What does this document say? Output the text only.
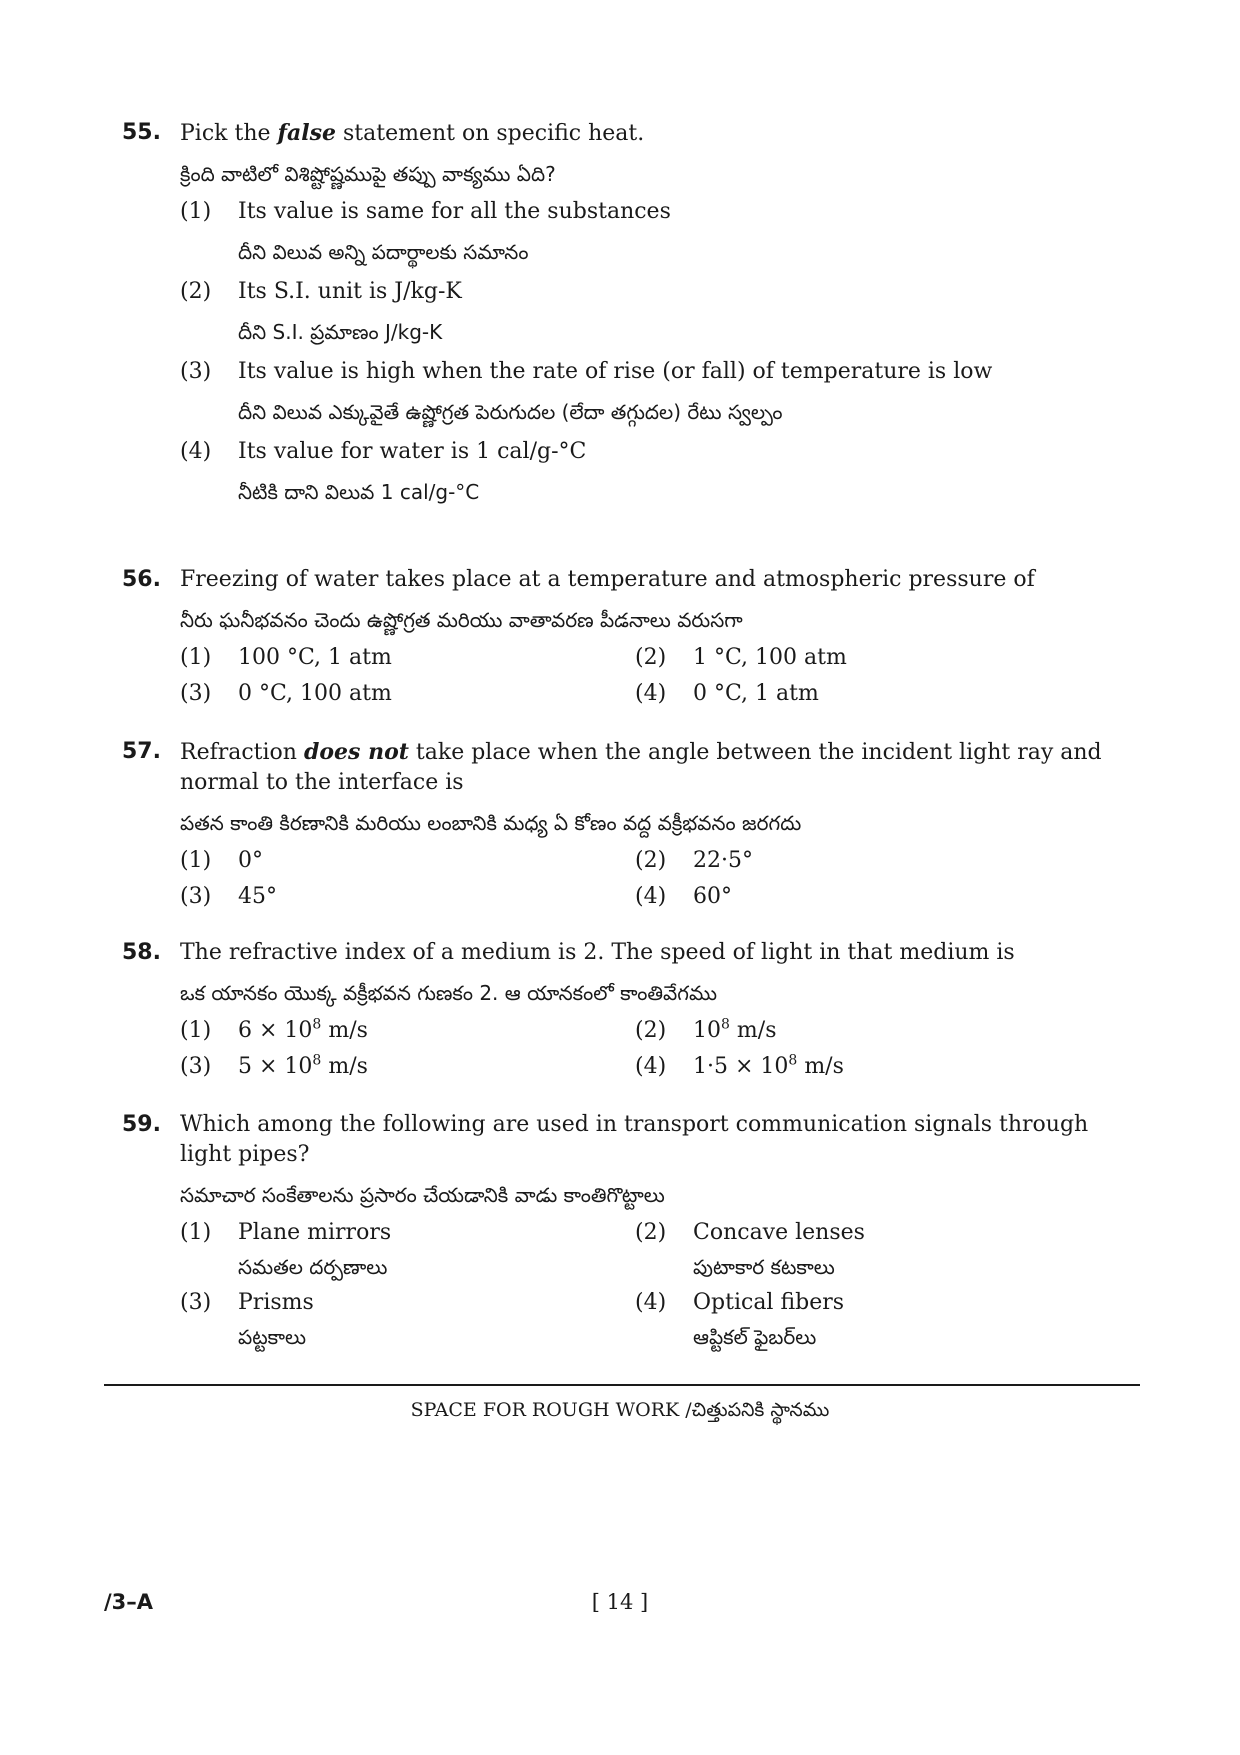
55. Pick the false statement on specific heat.
క్రింది వాటిలో విశిష్టోష్ణముపై తప్పు వాక్యము ఏది?
(1)	Its value is same for all the substances
దీని విలువ అన్ని పదార్థాలకు సమానం
(2)	Its S.I. unit is J/kg-K
దీని S.I. ప్రమాణం J/kg-K
(3)	Its value is high when the rate of rise (or fall) of temperature is low
దీని విలువ ఎక్కువైతే ఉష్ణోగ్రత పెరుగుదల (లేదా తగ్గుదల) రేటు స్వల్పం
(4)	Its value for water is 1 cal/g-°C
నీటికి దాని విలువ 1 cal/g-°C
56. Freezing of water takes place at a temperature and atmospheric pressure of
నీరు ఘనీభవనం చెందు ఉష్ణోగ్రత మరియు వాతావరణ పీడనాలు వరుసగా
(1)	100 °C, 1 atm	(2)	1 °C, 100 atm
(3)	0 °C, 100 atm	(4)	0 °C, 1 atm
57. Refraction does not take place when the angle between the incident light ray and normal to the interface is
పతన కాంతి కిరణానికి మరియు లంబానికి మధ్య ఏ కోణం వద్ద వక్రీభవనం జరగదు
(1)	0°	(2)	22·5°
(3)	45°	(4)	60°
58. The refractive index of a medium is 2. The speed of light in that medium is
ఒక యానకం యొక్క వక్రీభవన గుణకం 2. ఆ యానకంలో కాంతివేగము
(1)	$6 \times 10^8$ m/s	(2)	$10^8$ m/s
(3)	$5 \times 10^8$ m/s	(4)	$1\cdot 5 \times 10^8$ m/s
59. Which among the following are used in transport communication signals through light pipes?
సమాచార సంకేతాలను ప్రసారం చేయడానికి వాడు కాంతిగొట్టాలు
(1)	Plane mirrors
సమతల దర్పణాలు
(2)	Concave lenses
పుటాకార కటకాలు
(3)	Prisms
పట్టకాలు
(4)	Optical fibers
ఆప్టికల్ ఫైబర్‌లు
SPACE FOR ROUGH WORK /చిత్తుపనికి స్థానము
/3–A	[ 14 ]
